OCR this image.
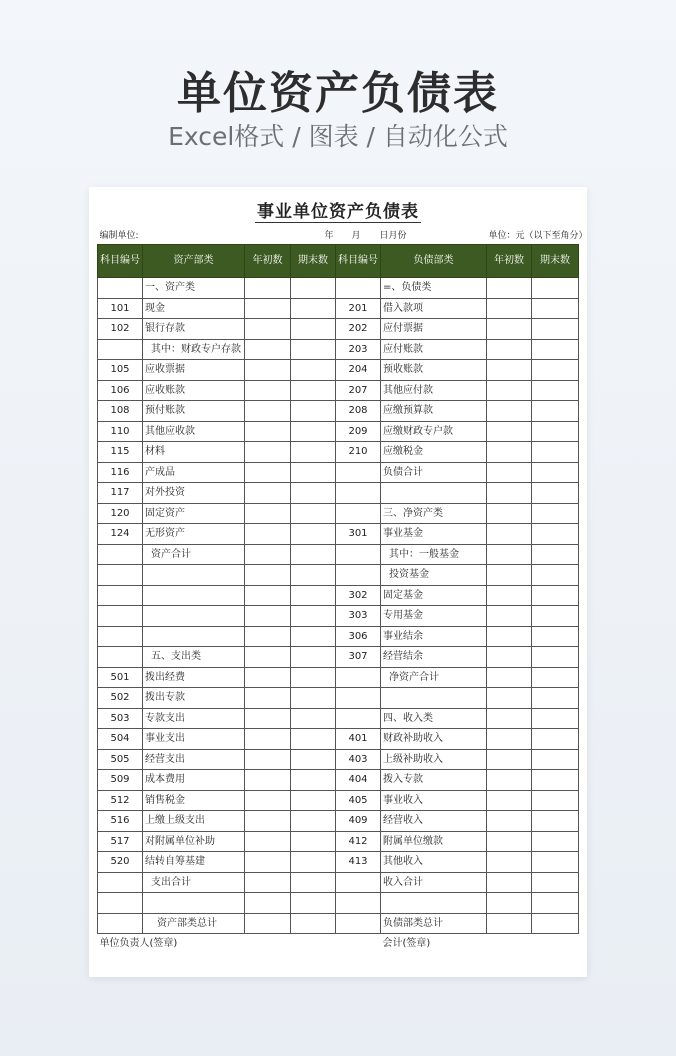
单位资产负债表
Excel格式 / 图表 / 自动化公式
事业单位资产负债表							
编制单位:			年	月 日	月份	单位：元（以下至角分）	
科目编号	资产部类	年初数	期末数	科目编号	负债部类	年初数	期末数
	一、资产类				=、负债类		
101	现金			201	借入款项		
102	银行存款			202	应付票据		
	其中：财政专户存款			203	应付账款		
105	应收票据			204	预收账款		
106	应收账款			207	其他应付款		
108	预付账款			208	应缴预算款		
110	其他应收款			209	应缴财政专户款		
115	材料			210	应缴税金		
116	产成品				负债合计		
117	对外投资						
120	固定资产				三、净资产类		
124	无形资产			301	事业基金		
	资产合计				其中：一般基金		
					投资基金		
				302	固定基金		
				303	专用基金		
				306	事业结余		
	五、支出类			307	经营结余		
501	拨出经费				净资产合计		
502	拨出专款						
503	专款支出				四、收入类		
504	事业支出			401	财政补助收入		
505	经营支出			403	上级补助收入		
509	成本费用			404	拨入专款		
512	销售税金			405	事业收入		
516	上缴上级支出			409	经营收入		
517	对附属单位补助			412	附属单位缴款		
520	结转自筹基建			413	其他收入		
	支出合计				收入合计		

	资产部类总计				负债部类总计		
单位负责人(签章)					会计(签章)		
